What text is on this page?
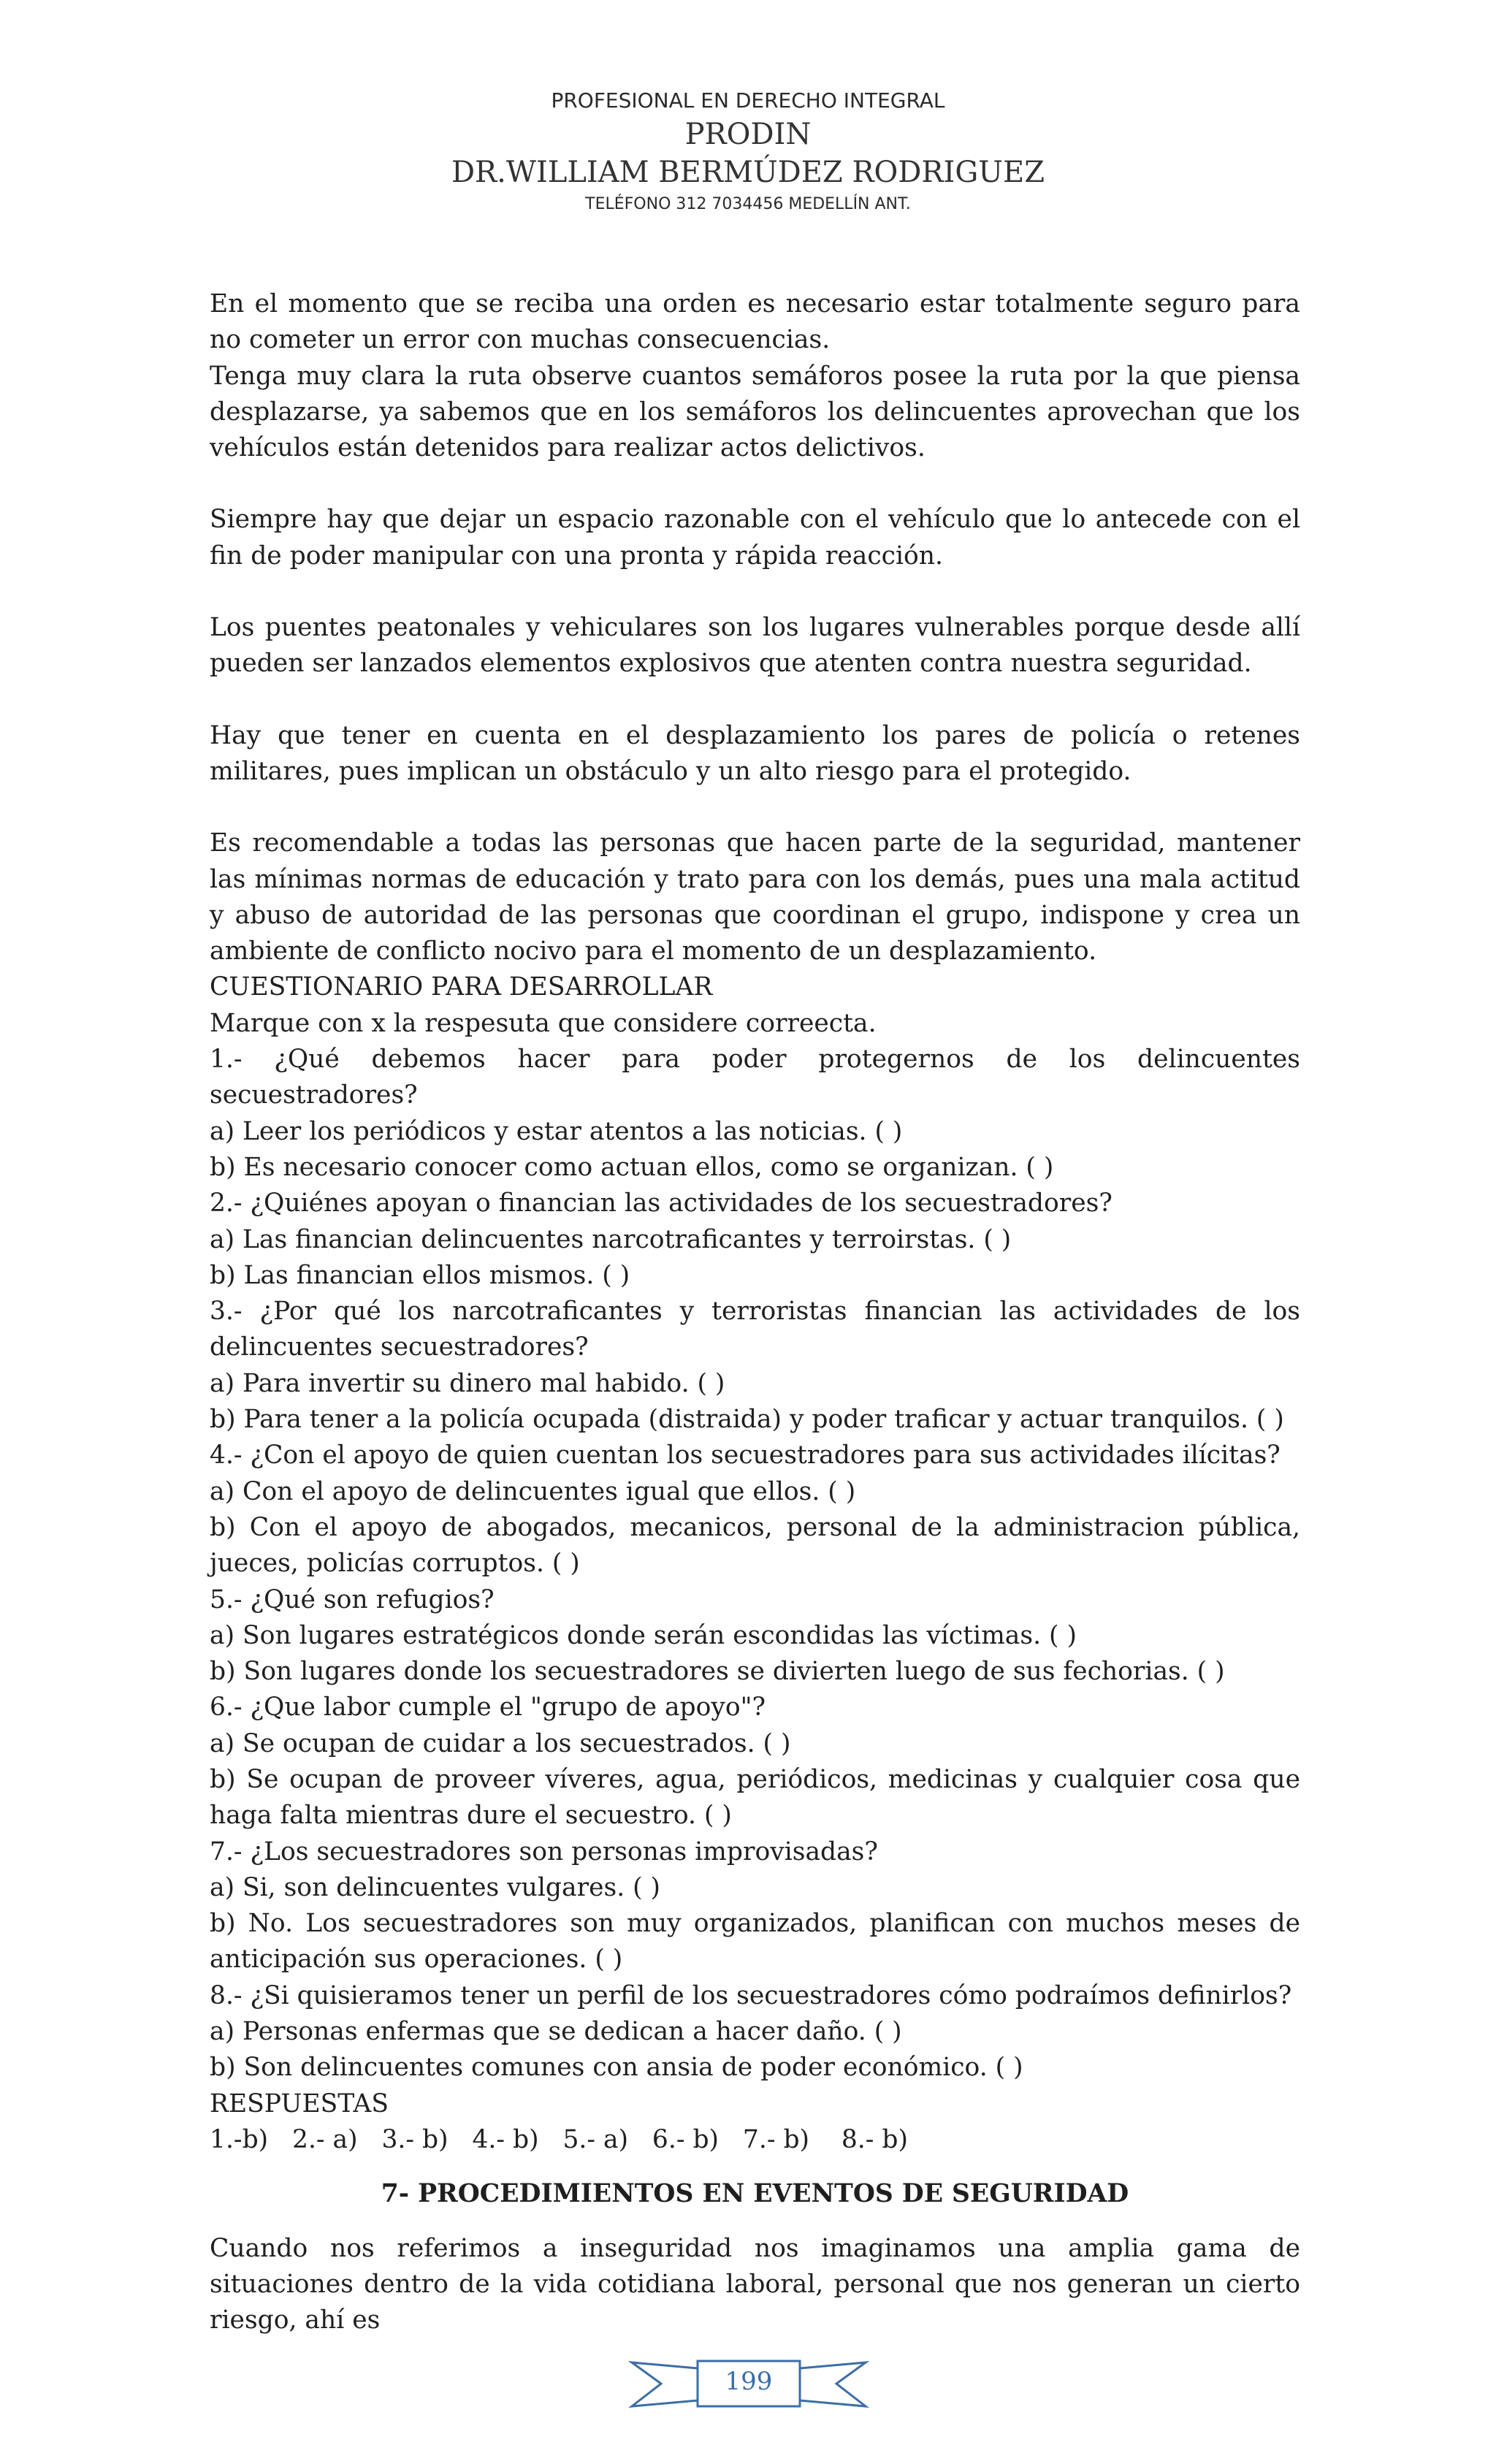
PROFESIONAL EN DERECHO INTEGRAL
PRODIN
DR.WILLIAM BERMÚDEZ RODRIGUEZ
TELÉFONO 312 7034456 MEDELLÍN ANT.

En el momento que se reciba una orden es necesario estar totalmente seguro para no cometer un error con muchas consecuencias.

Tenga muy clara la ruta observe cuantos semáforos posee la ruta por la que piensa desplazarse, ya sabemos que en los semáforos los delincuentes aprovechan que los vehículos están detenidos para realizar actos delictivos.

Siempre hay que dejar un espacio razonable con el vehículo que lo antecede con el fin de poder manipular con una pronta y rápida reacción.

Los puentes peatonales y vehiculares son los lugares vulnerables porque desde allí pueden ser lanzados elementos explosivos que atenten contra nuestra seguridad.

Hay que tener en cuenta en el desplazamiento los pares de policía o retenes militares, pues implican un obstáculo y un alto riesgo para el protegido.

Es recomendable a todas las personas que hacen parte de la seguridad, mantener las mínimas normas de educación y trato para con los demás, pues una mala actitud y abuso de autoridad de las personas que coordinan el grupo, indispone y crea un ambiente de conflicto nocivo para el momento de un desplazamiento.

CUESTIONARIO PARA DESARROLLAR

Marque con x la respesuta que considere correecta.

1.- ¿Qué debemos hacer para poder protegernos de los delincuentes secuestradores?

a) Leer los periódicos y estar atentos a las noticias. ( )

b) Es necesario conocer como actuan ellos, como se organizan. ( )

2.- ¿Quiénes apoyan o financian las actividades de los secuestradores?

a) Las financian delincuentes narcotraficantes y terroirstas. ( )

b) Las financian ellos mismos. ( )

3.- ¿Por qué los narcotraficantes y terroristas financian las actividades de los delincuentes secuestradores?

a) Para invertir su dinero mal habido. ( )

b) Para tener a la policía ocupada (distraida) y poder traficar y actuar tranquilos. ( )

4.- ¿Con el apoyo de quien cuentan los secuestradores para sus actividades ilícitas?

a) Con el apoyo de delincuentes igual que ellos. ( )

b) Con el apoyo de abogados, mecanicos, personal de la administracion pública, jueces, policías corruptos. ( )

5.- ¿Qué son refugios?

a) Son lugares estratégicos donde serán escondidas las víctimas. ( )

b) Son lugares donde los secuestradores se divierten luego de sus fechorias. ( )

6.- ¿Que labor cumple el "grupo de apoyo"?

a) Se ocupan de cuidar a los secuestrados. ( )

b) Se ocupan de proveer víveres, agua, periódicos, medicinas y cualquier cosa que haga falta mientras dure el secuestro. ( )

7.- ¿Los secuestradores son personas improvisadas?

a) Si, son delincuentes vulgares. ( )

b) No. Los secuestradores son muy organizados, planifican con muchos meses de anticipación sus operaciones. ( )

8.- ¿Si quisieramos tener un perfil de los secuestradores cómo podraímos definirlos?

a) Personas enfermas que se dedican a hacer daño. ( )

b) Son delincuentes comunes con ansia de poder económico. ( )

RESPUESTAS

1.-b)   2.- a)   3.- b)   4.- b)   5.- a)   6.- b)   7.- b)    8.- b)

7- PROCEDIMIENTOS EN EVENTOS DE SEGURIDAD

Cuando nos referimos a inseguridad nos imaginamos una amplia gama de situaciones dentro de la vida cotidiana laboral, personal que nos generan un cierto riesgo, ahí es

199
